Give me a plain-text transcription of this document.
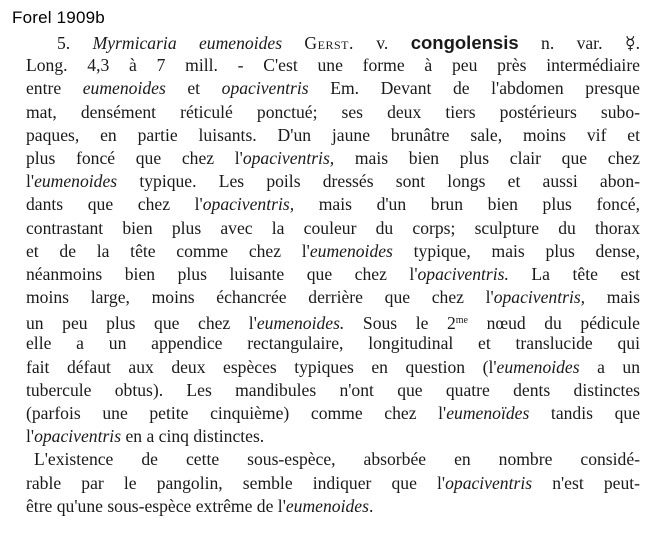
Forel 1909b
5. Myrmicaria eumenoides Gerst. v. congolensis n. var. ☿.
Long. 4,3 à 7 mill. - C'est une forme à peu près intermédiaire
entre eumenoides et opaciventris Em. Devant de l'abdomen presque
mat, densément réticulé ponctué; ses deux tiers postérieurs subo-
paques, en partie luisants. D'un jaune brunâtre sale, moins vif et
plus foncé que chez l'opaciventris, mais bien plus clair que chez
l'eumenoides typique. Les poils dressés sont longs et aussi abon-
dants que chez l'opaciventris, mais d'un brun bien plus foncé,
contrastant bien plus avec la couleur du corps; sculpture du thorax
et de la tête comme chez l'eumenoides typique, mais plus dense,
néanmoins bien plus luisante que chez l'opaciventris. La tête est
moins large, moins échancrée derrière que chez l'opaciventris, mais
un peu plus que chez l'eumenoides. Sous le $2^{me}$ nœud du pédicule
elle a un appendice rectangulaire, longitudinal et translucide qui
fait défaut aux deux espèces typiques en question (l'eumenoides a un
tubercule obtus). Les mandibules n'ont que quatre dents distinctes
(parfois une petite cinquième) comme chez l'eumenoïdes tandis que
l'opaciventris en a cinq distinctes.
L'existence de cette sous-espèce, absorbée en nombre considé-
rable par le pangolin, semble indiquer que l'opaciventris n'est peut-
être qu'une sous-espèce extrême de l'eumenoides.
